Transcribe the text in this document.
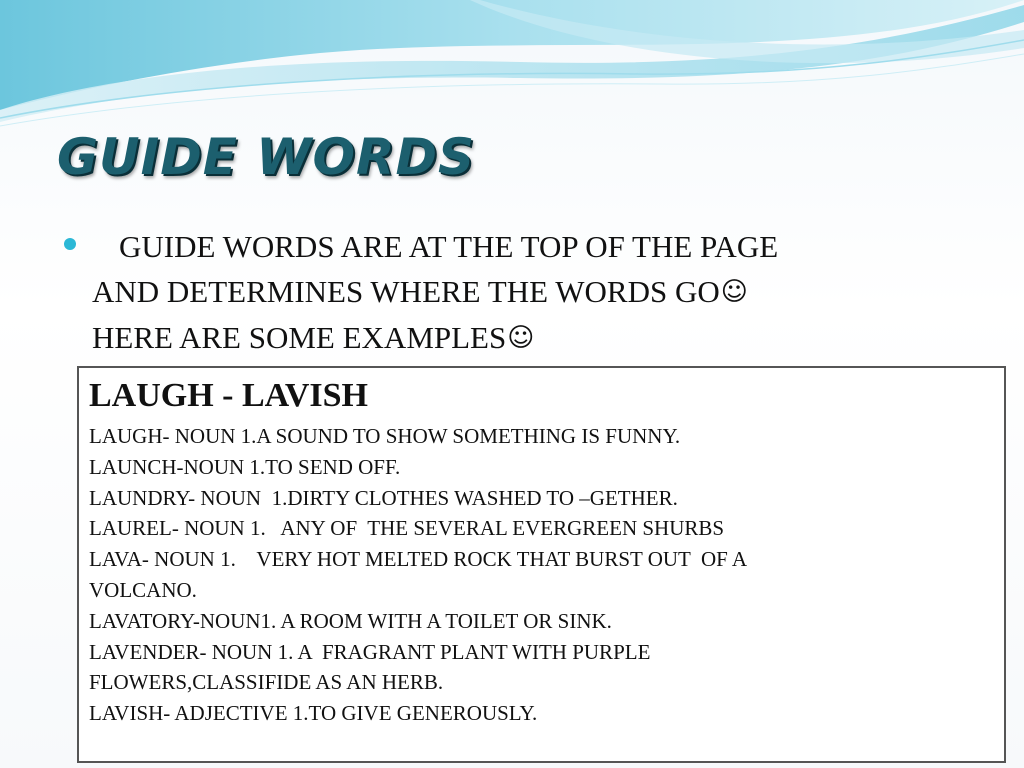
GUIDE WORDS

GUIDE WORDS ARE AT THE TOP OF THE PAGE
AND DETERMINES WHERE THE WORDS GO☺
HERE ARE SOME EXAMPLES☺

LAUGH - LAVISH
LAUGH- NOUN 1.A SOUND TO SHOW SOMETHING IS FUNNY.
LAUNCH-NOUN 1.TO SEND OFF.
LAUNDRY- NOUN  1.DIRTY CLOTHES WASHED TO –GETHER.
LAUREL- NOUN 1.   ANY OF  THE SEVERAL EVERGREEN SHURBS
LAVA- NOUN 1.    VERY HOT MELTED ROCK THAT BURST OUT  OF A
VOLCANO.
LAVATORY-NOUN1. A ROOM WITH A TOILET OR SINK.
LAVENDER- NOUN 1. A  FRAGRANT PLANT WITH PURPLE
FLOWERS,CLASSIFIDE AS AN HERB.
LAVISH- ADJECTIVE 1.TO GIVE GENEROUSLY.
